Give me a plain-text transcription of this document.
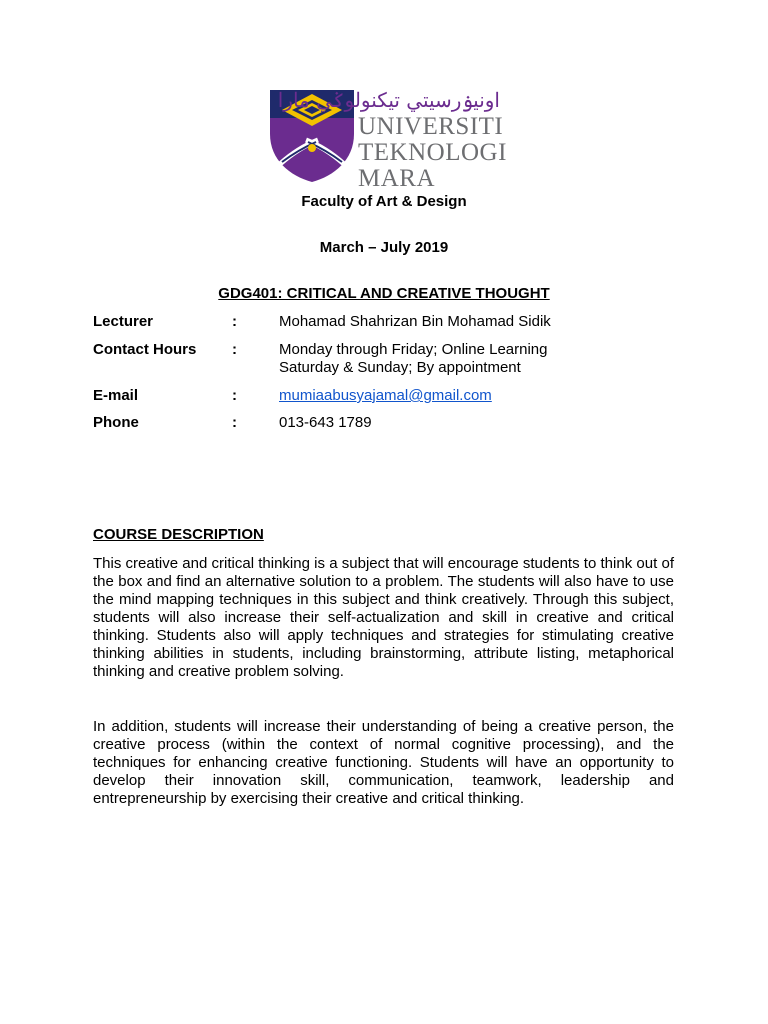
اونيۏرسيتي تيكنولوݢي مارا
UNIVERSITI
TEKNOLOGI
MARA
Faculty of Art & Design
March – July 2019
GDG401: CRITICAL AND CREATIVE THOUGHT
Lecturer	:	Mohamad Shahrizan Bin Mohamad Sidik
Contact Hours :	Monday through Friday; Online Learning
Saturday & Sunday; By appointment
E-mail	:	mumiaabusyajamal@gmail.com
Phone	:	013-643 1789
COURSE DESCRIPTION
This creative and critical thinking is a subject that will encourage students to think out of the box and find an alternative solution to a problem. The students will also have to use the mind mapping techniques in this subject and think creatively. Through this subject, students will also increase their self-actualization and skill in creative and critical thinking. Students also will apply techniques and strategies for stimulating creative thinking abilities in students, including brainstorming, attribute listing, metaphorical thinking and creative problem solving.
In addition, students will increase their understanding of being a creative person, the creative process (within the context of normal cognitive processing), and the techniques for enhancing creative functioning. Students will have an opportunity to develop their innovation skill, communication, teamwork, leadership and entrepreneurship by exercising their creative and critical thinking.
